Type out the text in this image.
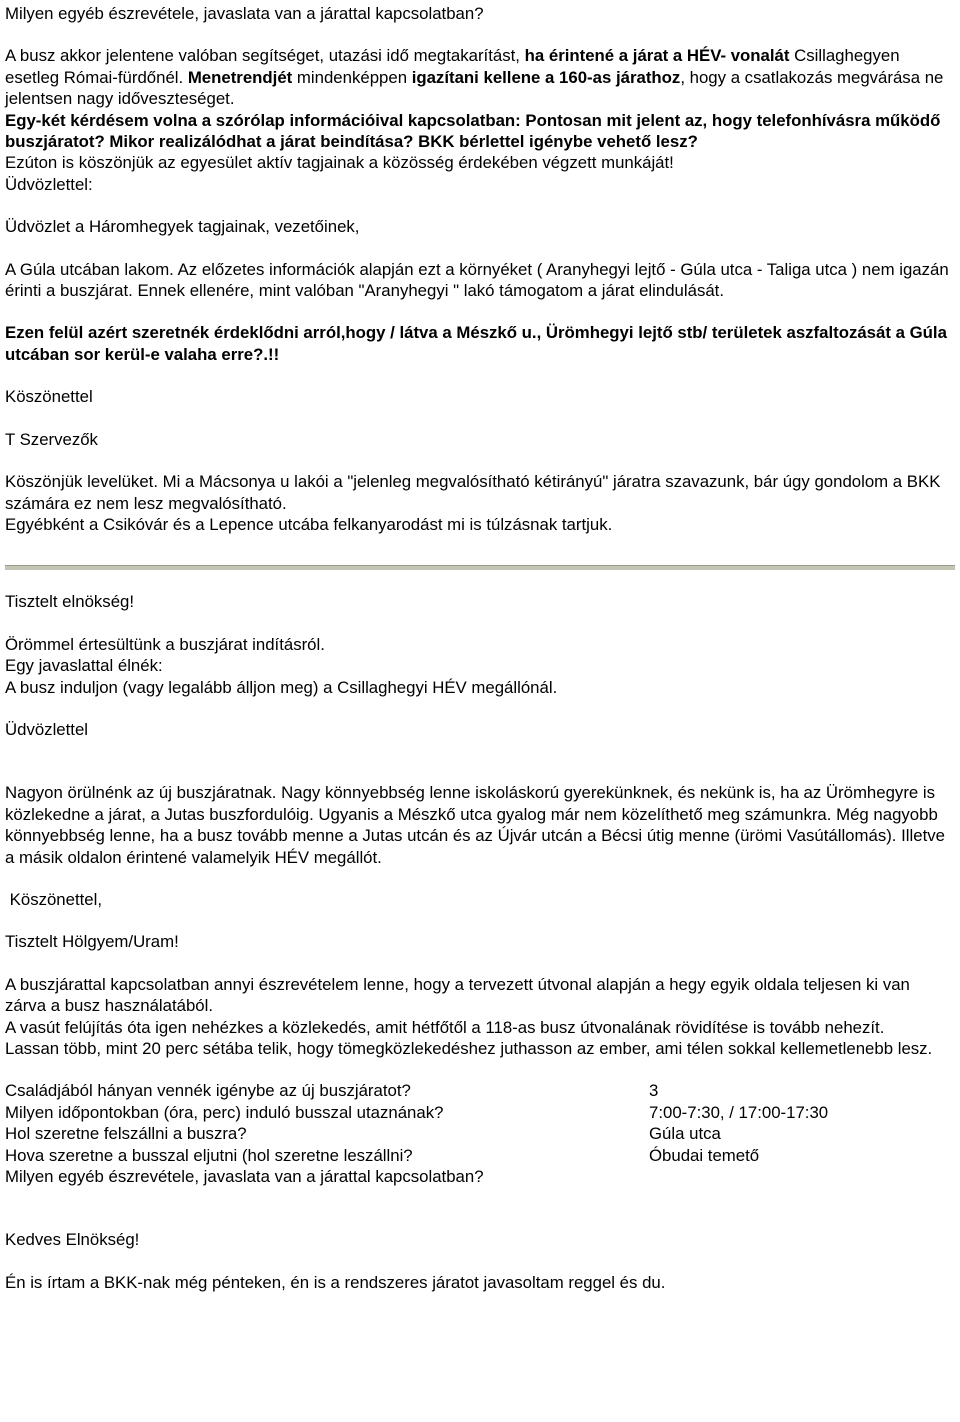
Milyen egyéb észrevétele, javaslata van a járattal kapcsolatban?

A busz akkor jelentene valóban segítséget, utazási idő megtakarítást, ha érintené a járat a HÉV- vonalát Csillaghegyen esetleg Római-fürdőnél. Menetrendjét mindenképpen igazítani kellene a 160-as járathoz, hogy a csatlakozás megvárása ne jelentsen nagy időveszteséget.

Egy-két kérdésem volna a szórólap információival kapcsolatban: Pontosan mit jelent az, hogy telefonhívásra működő buszjáratot? Mikor realizálódhat a járat beindítása? BKK bérlettel igénybe vehető lesz?

Ezúton is köszönjük az egyesület aktív tagjainak a közösség érdekében végzett munkáját!

Üdvözlettel:

Üdvözlet a Háromhegyek tagjainak, vezetőinek,

A Gúla utcában lakom. Az előzetes információk alapján ezt a környéket ( Aranyhegyi lejtő - Gúla utca - Taliga utca ) nem igazán érinti a buszjárat. Ennek ellenére, mint valóban "Aranyhegyi " lakó támogatom a járat elindulását.

Ezen felül azért szeretnék érdeklődni arról,hogy / látva a Mészkő u., Ürömhegyi lejtő stb/ területek aszfaltozását a Gúla utcában sor kerül-e valaha erre?.!!

Köszönettel

T Szervezők

Köszönjük levelüket. Mi a Mácsonya u lakói a "jelenleg megvalósítható kétirányú" járatra szavazunk, bár úgy gondolom a BKK számára ez nem lesz megvalósítható.

Egyébként a Csikóvár és a Lepence utcába felkanyarodást mi is túlzásnak tartjuk.

Tisztelt elnökség!

Örömmel értesültünk a buszjárat indításról.

Egy javaslattal élnék:

A busz induljon (vagy legalább álljon meg) a Csillaghegyi HÉV megállónál.

Üdvözlettel

Nagyon örülnénk az új buszjáratnak. Nagy könnyebbség lenne iskoláskorú gyerekünknek, és nekünk is, ha az Ürömhegyre is közlekedne a járat, a Jutas buszfordulóig. Ugyanis a Mészkő utca gyalog már nem közelíthető meg számunkra. Még nagyobb könnyebbség lenne, ha a busz tovább menne a Jutas utcán és az Újvár utcán a Bécsi útig menne (ürömi Vasútállomás). Illetve a másik oldalon érintené valamelyik HÉV megállót.

Köszönettel,

Tisztelt Hölgyem/Uram!

A buszjárattal kapcsolatban annyi észrevételem lenne, hogy a tervezett útvonal alapján a hegy egyik oldala teljesen ki van zárva a busz használatából.

A vasút felújítás óta igen nehézkes a közlekedés, amit hétfőtől a 118-as busz útvonalának rövidítése is tovább nehezít.

Lassan több, mint 20 perc sétába telik, hogy tömegközlekedéshez juthasson az ember, ami télen sokkal kellemetlenebb lesz.

Családjából hányan vennék igénybe az új buszjáratot?	3
Milyen időpontokban (óra, perc) induló busszal utaznának?	7:00-7:30, / 17:00-17:30
Hol szeretne felszállni a buszra?	Gúla utca
Hova szeretne a busszal eljutni (hol szeretne leszállni?	Óbudai temető
Milyen egyéb észrevétele, javaslata van a járattal kapcsolatban?

Kedves Elnökség!

Én is írtam a BKK-nak még pénteken, én is a rendszeres járatot javasoltam reggel és du.
